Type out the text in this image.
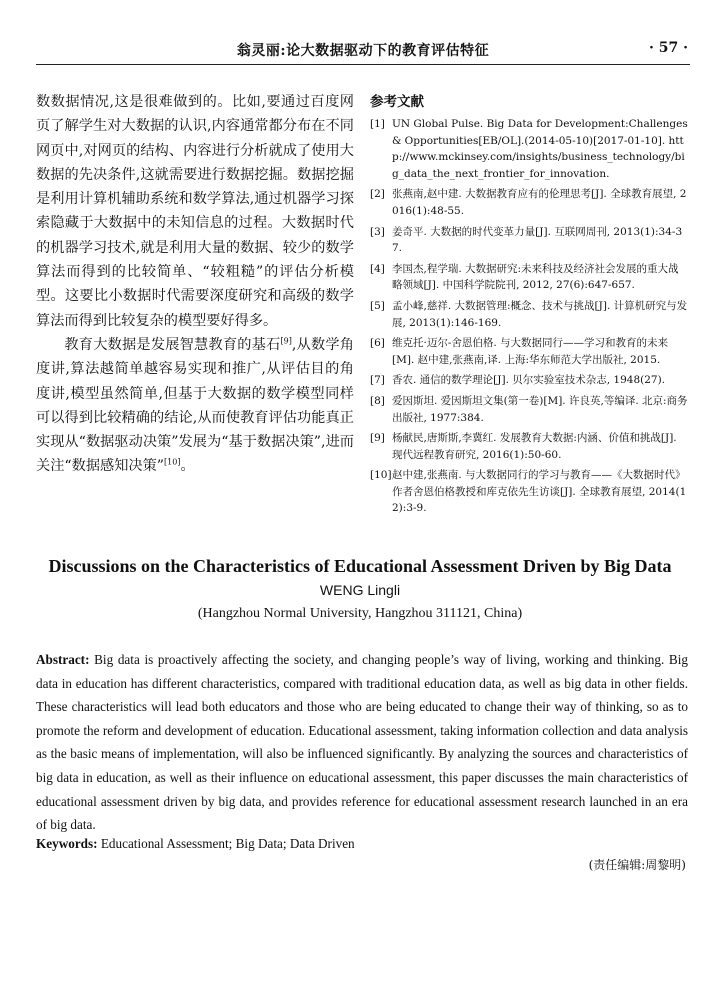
翁灵丽:论大数据驱动下的教育评估特征	· 57 ·

数数据情况,这是很难做到的。比如,要通过百度网页了解学生对大数据的认识,内容通常都分布在不同网页中,对网页的结构、内容进行分析就成了使用大数据的先决条件,这就需要进行数据挖掘。数据挖掘是利用计算机辅助系统和数学算法,通过机器学习探索隐藏于大数据中的未知信息的过程。大数据时代的机器学习技术,就是利用大量的数据、较少的数学算法而得到的比较简单、“较粗糙”的评估分析模型。这要比小数据时代需要深度研究和高级的数学算法而得到比较复杂的模型要好得多。

教育大数据是发展智慧教育的基石[9],从数学角度讲,算法越简单越容易实现和推广,从评估目的角度讲,模型虽然简单,但基于大数据的数学模型同样可以得到比较精确的结论,从而使教育评估功能真正实现从“数据驱动决策”发展为“基于数据决策”,进而关注“数据感知决策”[10]。

参考文献
[1] UN Global Pulse. Big Data for Development:Challenges & Opportunities[EB/OL].(2014-05-10)[2017-01-10]. http://www.mckinsey.com/insights/business_technology/big_data_the_next_frontier_for_innovation.
[2] 张燕南,赵中建. 大数据教育应有的伦理思考[J]. 全球教育展望, 2016(1):48-55.
[3] 姜奇平. 大数据的时代变革力量[J]. 互联网周刊, 2013(1):34-37.
[4] 李国杰,程学瑞. 大数据研究:未来科技及经济社会发展的重大战略领域[J]. 中国科学院院刊, 2012, 27(6):647-657.
[5] 孟小峰,慈祥. 大数据管理:概念、技术与挑战[J]. 计算机研究与发展, 2013(1):146-169.
[6] 维克托·迈尔-舍恩伯格. 与大数据同行——学习和教育的未来[M]. 赵中建,张燕南,译. 上海:华东师范大学出版社, 2015.
[7] 香农. 通信的数学理论[J]. 贝尔实验室技术杂志, 1948(27).
[8] 爱因斯坦. 爱因斯坦文集(第一卷)[M]. 许良英,等编译. 北京:商务出版社, 1977:384.
[9] 杨献民,唐斯斯,李冀红. 发展教育大数据:内涵、价值和挑战[J]. 现代远程教育研究, 2016(1):50-60.
[10] 赵中建,张燕南. 与大数据同行的学习与教育——《大数据时代》作者舍恩伯格教授和库克依先生访谈[J]. 全球教育展望, 2014(12):3-9.
Discussions on the Characteristics of Educational Assessment Driven by Big Data
WENG Lingli
(Hangzhou Normal University, Hangzhou 311121, China)

Abstract: Big data is proactively affecting the society, and changing people’s way of living, working and thinking. Big data in education has different characteristics, compared with traditional education data, as well as big data in other fields. These characteristics will lead both educators and those who are being educated to change their way of thinking, so as to promote the reform and development of education. Educational assessment, taking information collection and data analysis as the basic means of implementation, will also be influenced significantly. By analyzing the sources and characteristics of big data in education, as well as their influence on educational assessment, this paper discusses the main characteristics of educational assessment driven by big data, and provides reference for educational assessment research launched in an era of big data.

Keywords: Educational Assessment; Big Data; Data Driven

(责任编辑:周黎明)
